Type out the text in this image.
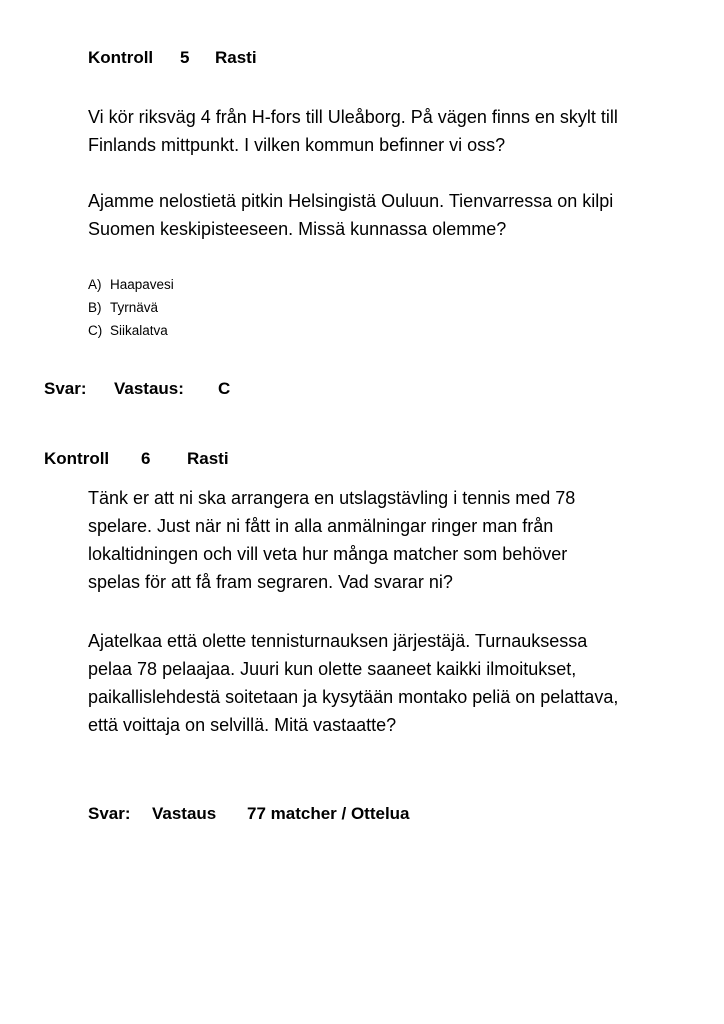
Kontroll 5 Rasti
Vi kör riksväg 4 från H-fors till Uleåborg. På vägen finns en skylt till
Finlands mittpunkt. I vilken kommun befinner vi oss?
Ajamme nelostietä pitkin Helsingistä Ouluun. Tienvarressa on kilpi
Suomen keskipisteeseen. Missä kunnassa olemme?
A) Haapavesi
B) Tyrnävä
C) Siikalatva
Svar: Vastaus: C
Kontroll 6 Rasti
Tänk er att ni ska arrangera en utslagstävling i tennis med 78
spelare. Just när ni fått in alla anmälningar ringer man från
lokaltidningen och vill veta hur många matcher som behöver
spelas för att få fram segraren. Vad svarar ni?
Ajatelkaa että olette tennisturnauksen järjestäjä. Turnauksessa
pelaa 78 pelaajaa. Juuri kun olette saaneet kaikki ilmoitukset,
paikallislehdestä soitetaan ja kysytään montako peliä on pelattava,
että voittaja on selvillä. Mitä vastaatte?
Svar: Vastaus 77 matcher / Ottelua
